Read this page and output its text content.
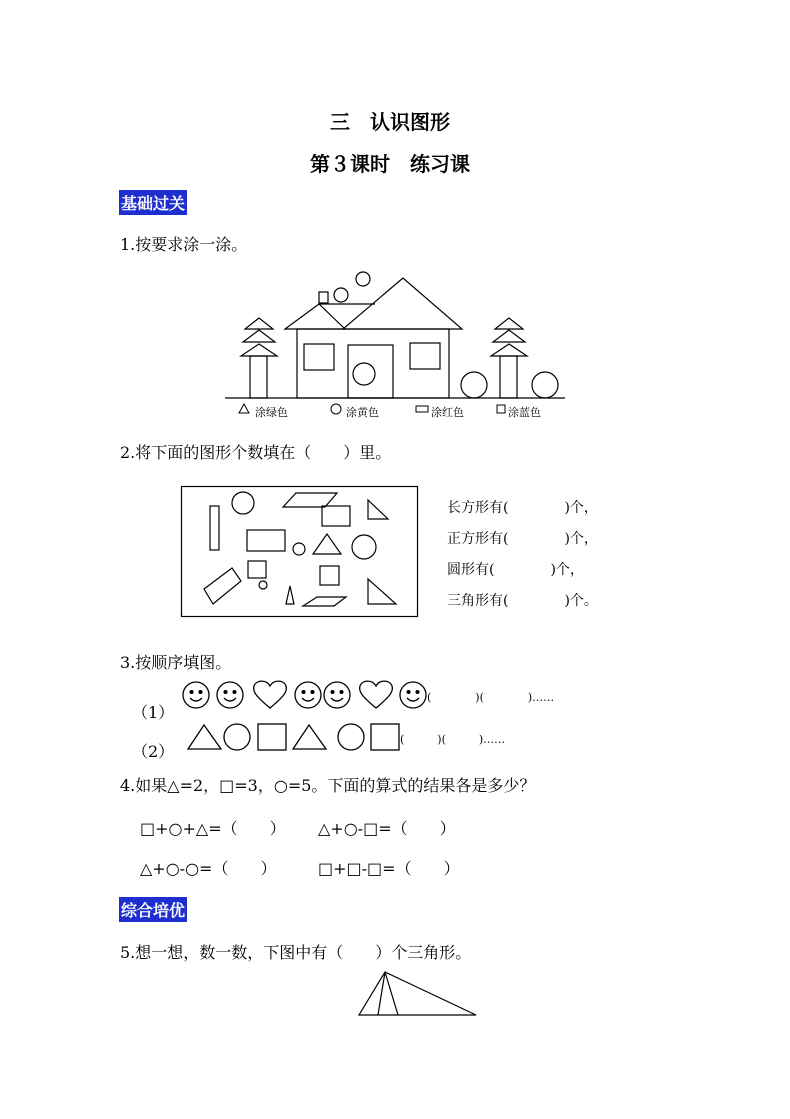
三　认识图形
第３课时　练习课
基础过关
1.按要求涂一涂。
涂绿色	涂黄色	涂红色	涂蓝色
2.将下面的图形个数填在（　　）里。
长方形有(　　　　)个，
正方形有(　　　　)个，
圆形有(　　　　)个，
三角形有(　　　　)个。
3.按顺序填图。
（1）
(　　　　)(　　　　)……
（2）
(　　　)(　　　)……
4.如果△=2，□=3，○=5。下面的算式的结果各是多少？
□+○+△=（　　） △+○-□=（　　）
△+○-○=（　　）	□+□-□=（　　）
综合培优
5.想一想，数一数，下图中有（　　）个三角形。
